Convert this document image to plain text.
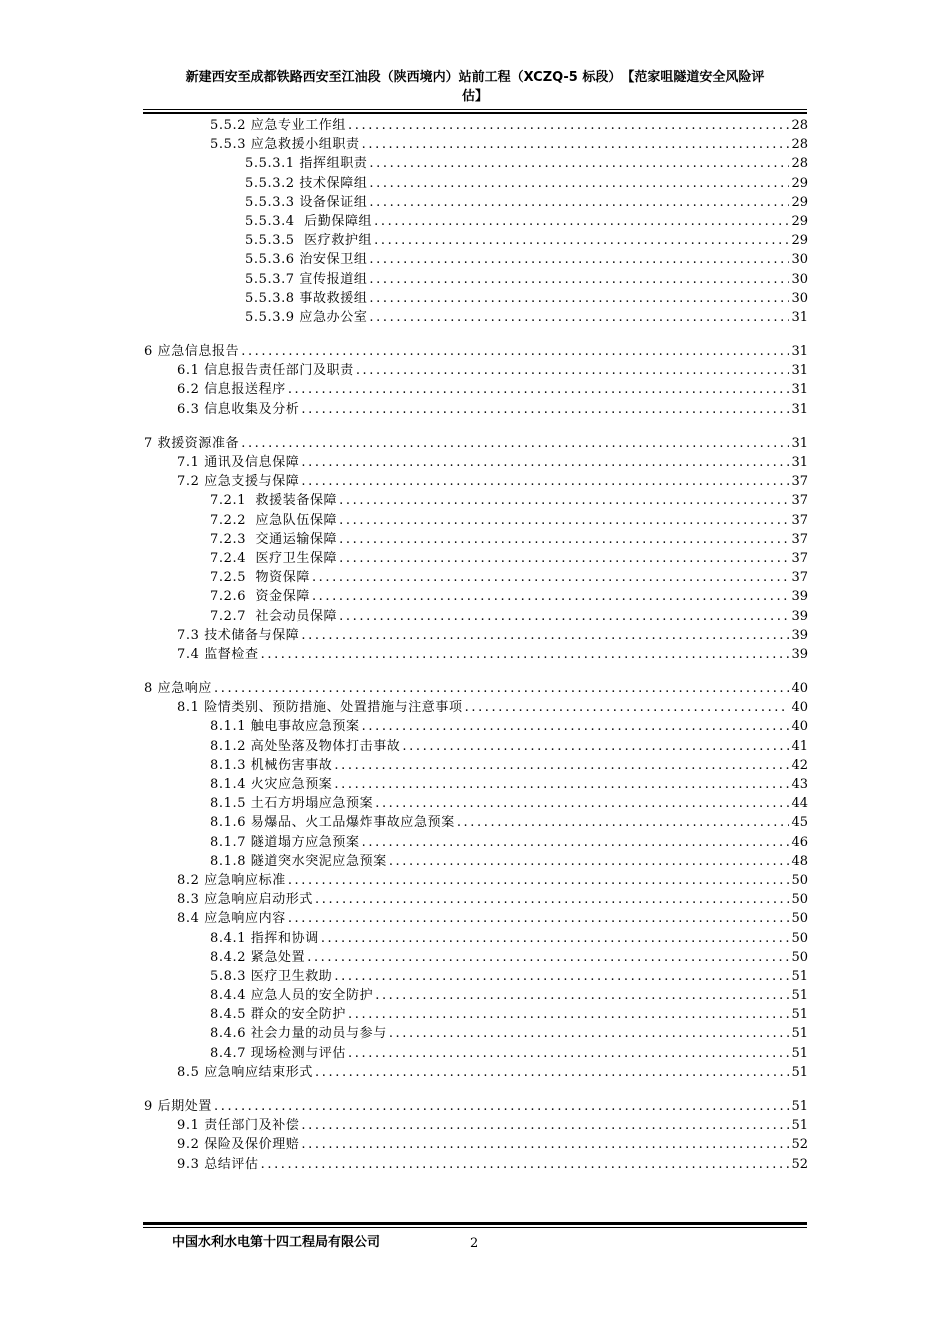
新建西安至成都铁路西安至江油段（陕西境内）站前工程（XCZQ-5 标段）　【范家咀隧道安全风险评
估】
5.5.2 应急专业工作组 .....	28
5.5.3 应急救援小组职责 .....	28
5.5.3.1 指挥组职责 .....	28
5.5.3.2 技术保障组 .....	29
5.5.3.3 设备保证组 .....	29
5.5.3.4  后勤保障组 .....	29
5.5.3.5  医疗救护组 .....	29
5.5.3.6 治安保卫组 .....	30
5.5.3.7 宣传报道组 .....	30
5.5.3.8 事故救援组 .....	30
5.5.3.9 应急办公室 .....	31
6 应急信息报告 .....	31
6.1 信息报告责任部门及职责 .....	31
6.2 信息报送程序 .....	31
6.3 信息收集及分析 .....	31
7 救援资源准备 .....	31
7.1 通讯及信息保障 .....	31
7.2 应急支援与保障 .....	37
7.2.1  救援装备保障 .....	37
7.2.2  应急队伍保障 .....	37
7.2.3  交通运输保障 .....	37
7.2.4  医疗卫生保障 .....	37
7.2.5  物资保障 .....	37
7.2.6  资金保障 .....	39
7.2.7  社会动员保障 .....	39
7.3 技术储备与保障 .....	39
7.4 监督检查 .....	39
8 应急响应 .....	40
8.1 险情类别、预防措施、处置措施与注意事项 .....	40
8.1.1 触电事故应急预案 .....	40
8.1.2 高处坠落及物体打击事故 .....	41
8.1.3 机械伤害事故 .....	42
8.1.4 火灾应急预案 .....	43
8.1.5 土石方坍塌应急预案 .....	44
8.1.6 易爆品、火工品爆炸事故应急预案 .....	45
8.1.7 隧道塌方应急预案 .....	46
8.1.8 隧道突水突泥应急预案 .....	48
8.2 应急响应标准 .....	50
8.3 应急响应启动形式 .....	50
8.4 应急响应内容 .....	50
8.4.1 指挥和协调 .....	50
8.4.2 紧急处置 .....	50
5.8.3 医疗卫生救助 .....	51
8.4.4 应急人员的安全防护 .....	51
8.4.5 群众的安全防护 .....	51
8.4.6 社会力量的动员与参与 .....	51
8.4.7 现场检测与评估 .....	51
8.5 应急响应结束形式 .....	51
9 后期处置 .....	51
9.1 责任部门及补偿 .....	51
9.2 保险及保价理赔 .....	52
9.3 总结评估 .....	52
中国水利水电第十四工程局有限公司	2
